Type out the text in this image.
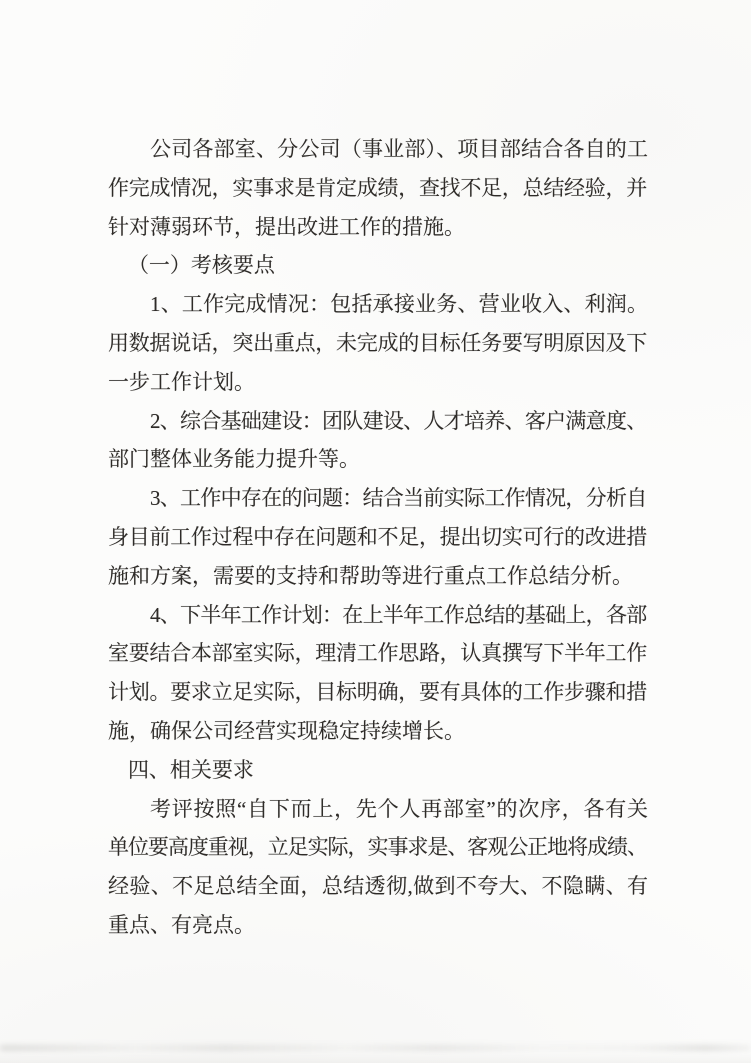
公司各部室、分公司（事业部）、项目部结合各自的工
作完成情况，实事求是肯定成绩，查找不足，总结经验，并
针对薄弱环节，提出改进工作的措施。
（一）考核要点
1、工作完成情况：包括承接业务、营业收入、利润。
用数据说话，突出重点，未完成的目标任务要写明原因及下
一步工作计划。
2、综合基础建设：团队建设、人才培养、客户满意度、
部门整体业务能力提升等。
3、工作中存在的问题：结合当前实际工作情况，分析自
身目前工作过程中存在问题和不足，提出切实可行的改进措
施和方案，需要的支持和帮助等进行重点工作总结分析。
4、下半年工作计划：在上半年工作总结的基础上，各部
室要结合本部室实际，理清工作思路，认真撰写下半年工作
计划。要求立足实际，目标明确，要有具体的工作步骤和措
施，确保公司经营实现稳定持续增长。
四、相关要求
考评按照“自下而上，先个人再部室”的次序，各有关
单位要高度重视，立足实际，实事求是、客观公正地将成绩、
经验、不足总结全面，总结透彻,做到不夸大、不隐瞒、有
重点、有亮点。
